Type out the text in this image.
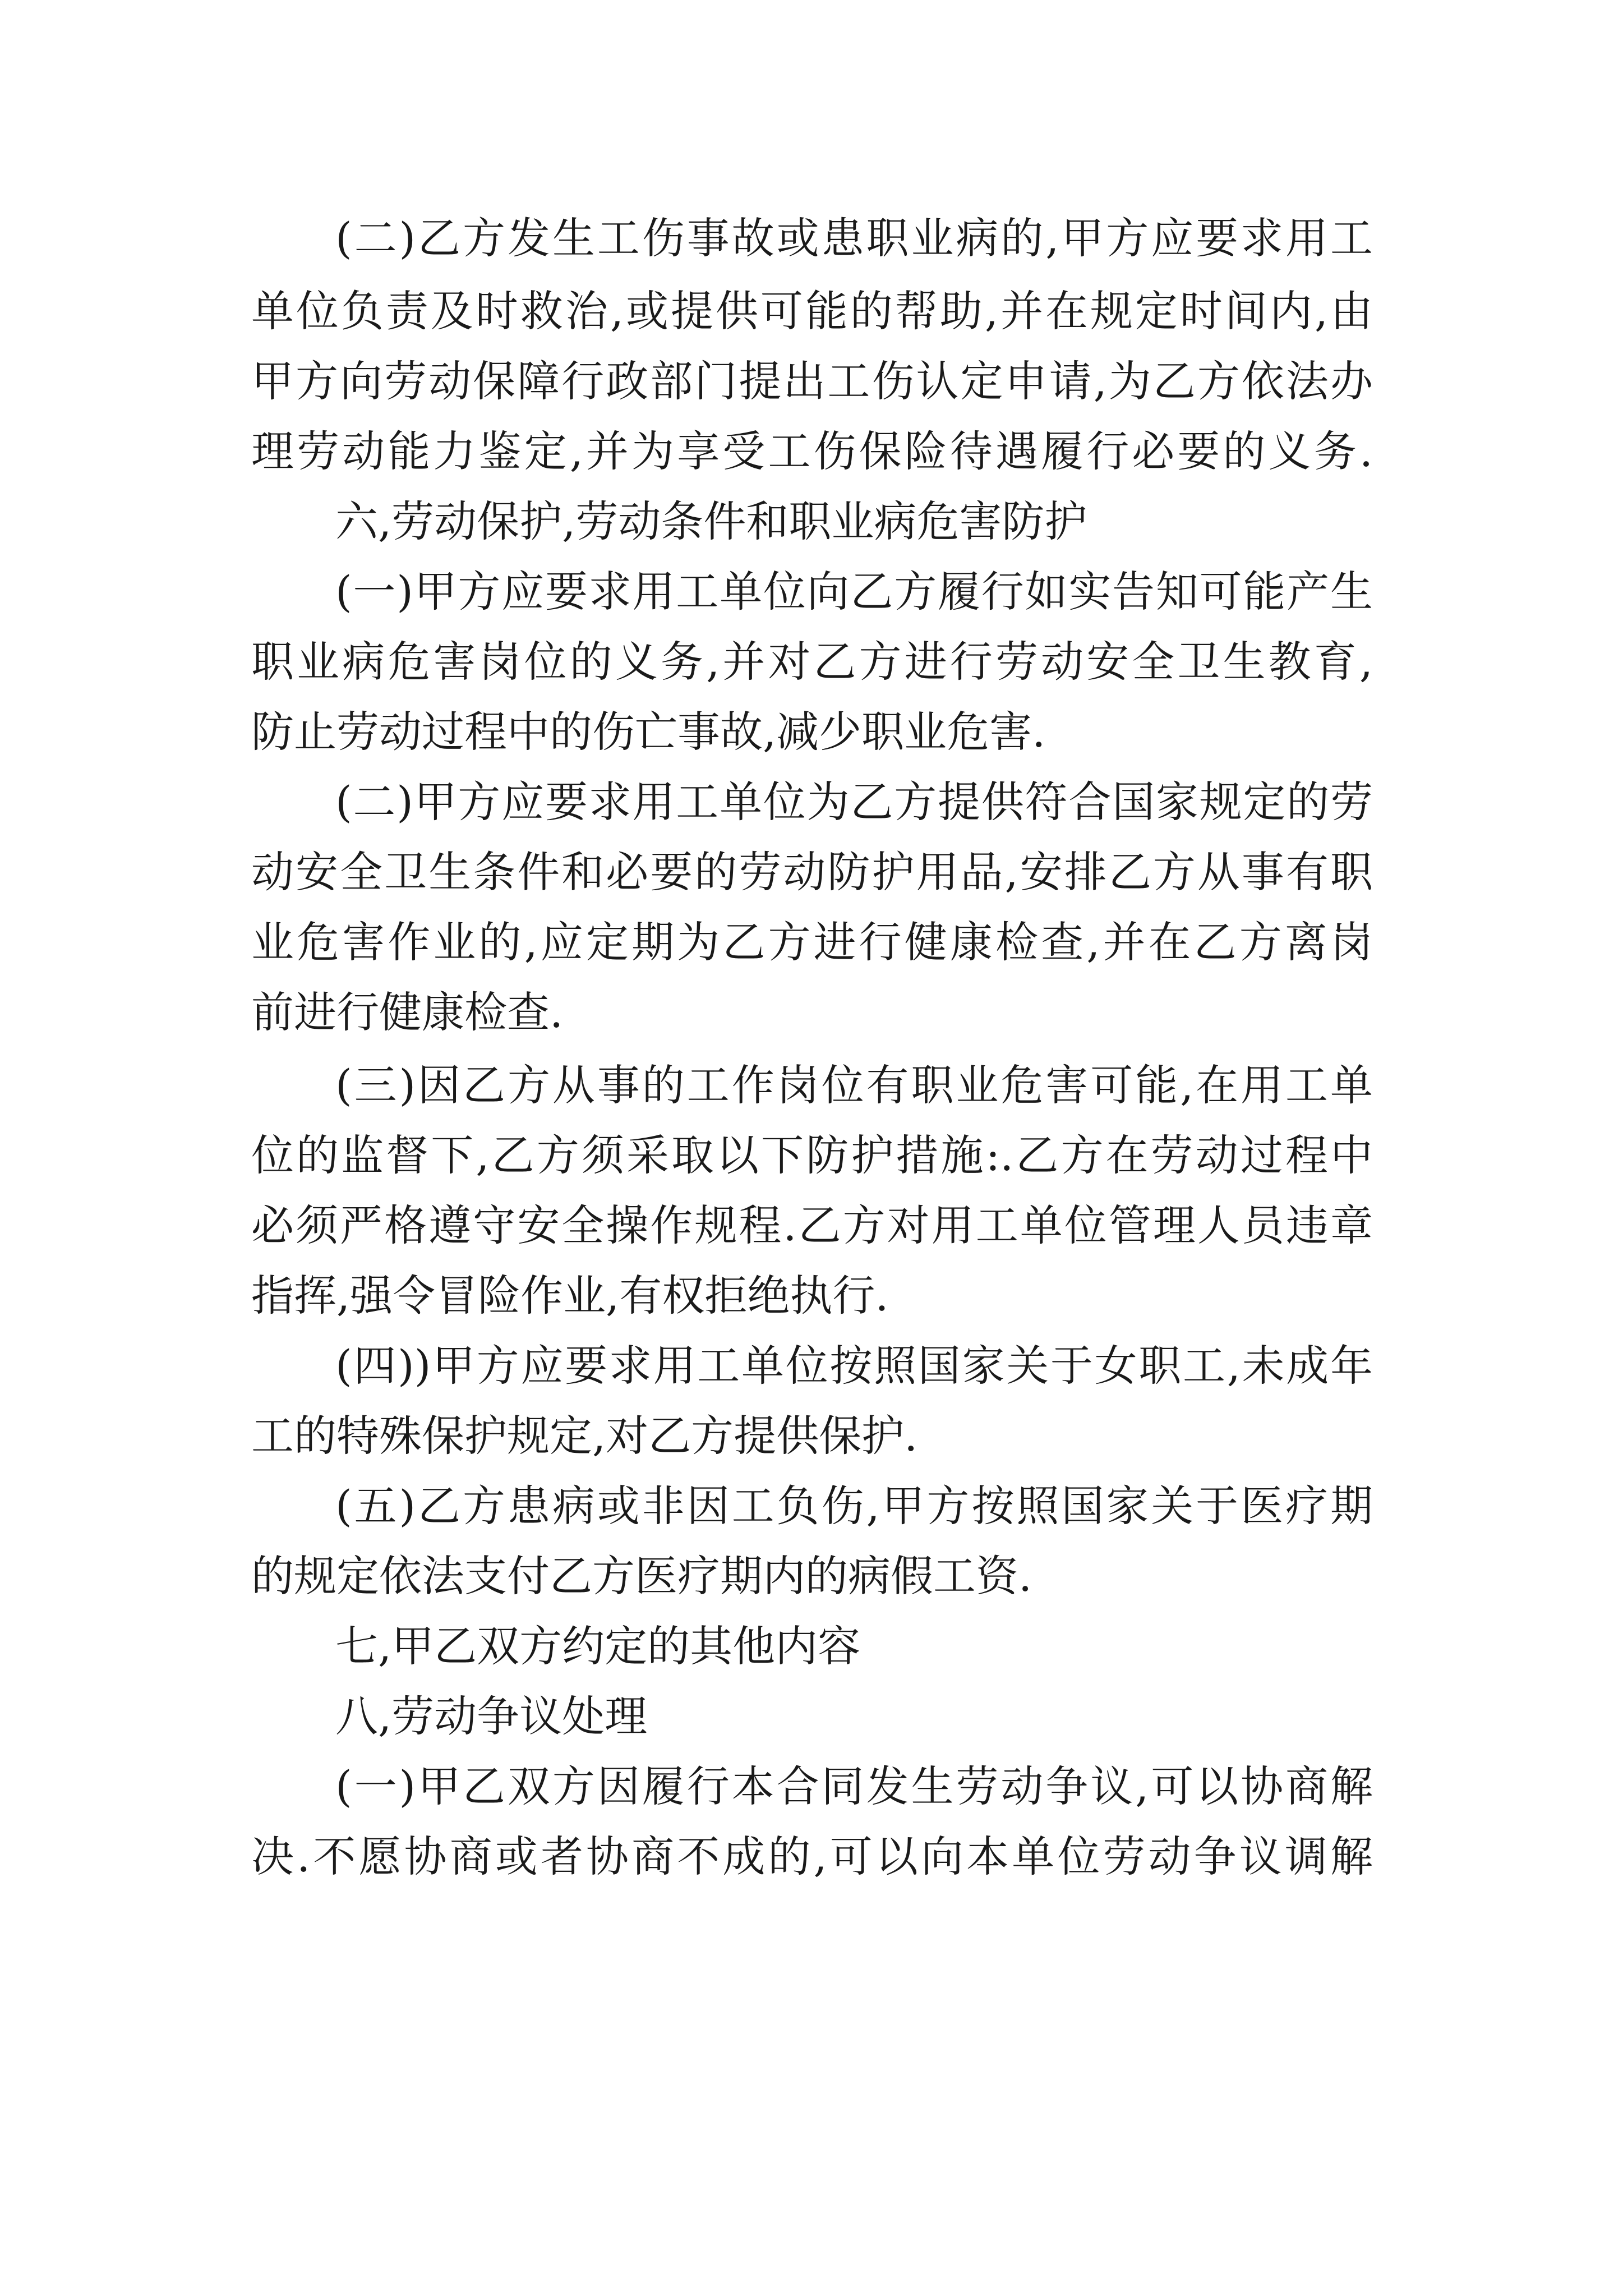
(二)乙方发生工伤事故或患职业病的,甲方应要求用工
单位负责及时救治,或提供可能的帮助,并在规定时间内,由
甲方向劳动保障行政部门提出工伤认定申请,为乙方依法办
理劳动能力鉴定,并为享受工伤保险待遇履行必要的义务.
六,劳动保护,劳动条件和职业病危害防护
(一)甲方应要求用工单位向乙方履行如实告知可能产生
职业病危害岗位的义务,并对乙方进行劳动安全卫生教育,
防止劳动过程中的伤亡事故,减少职业危害.
(二)甲方应要求用工单位为乙方提供符合国家规定的劳
动安全卫生条件和必要的劳动防护用品,安排乙方从事有职
业危害作业的,应定期为乙方进行健康检查,并在乙方离岗
前进行健康检查.
(三)因乙方从事的工作岗位有职业危害可能,在用工单
位的监督下,乙方须采取以下防护措施:.乙方在劳动过程中
必须严格遵守安全操作规程.乙方对用工单位管理人员违章
指挥,强令冒险作业,有权拒绝执行.
(四))甲方应要求用工单位按照国家关于女职工,未成年
工的特殊保护规定,对乙方提供保护.
(五)乙方患病或非因工负伤,甲方按照国家关于医疗期
的规定依法支付乙方医疗期内的病假工资.
七,甲乙双方约定的其他内容
八,劳动争议处理
(一)甲乙双方因履行本合同发生劳动争议,可以协商解
决.不愿协商或者协商不成的,可以向本单位劳动争议调解
